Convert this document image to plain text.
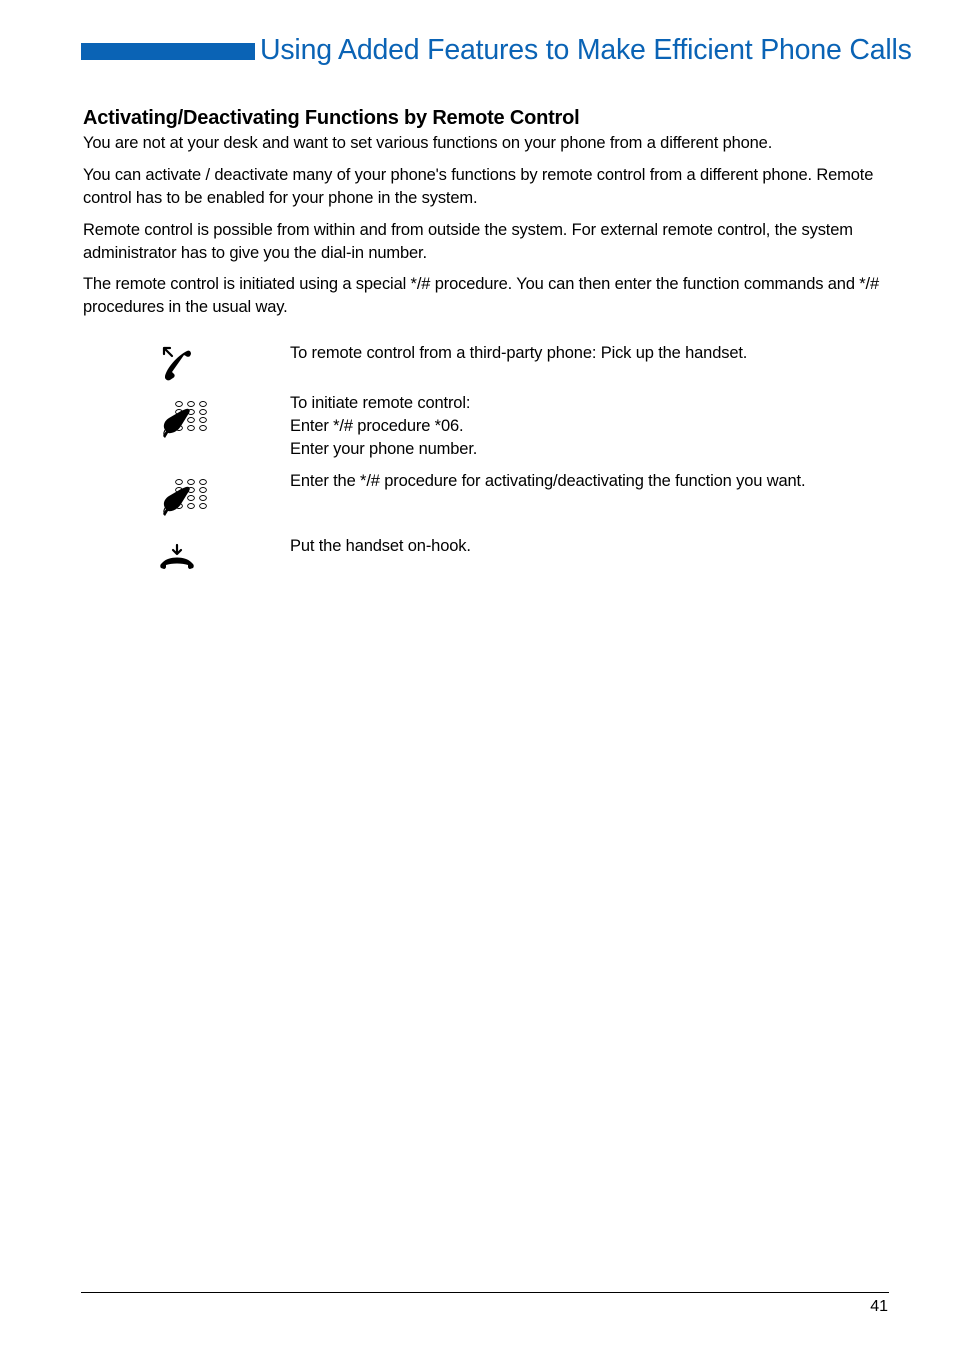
Using Added Features to Make Efficient Phone Calls
Activating/Deactivating Functions by Remote Control
You are not at your desk and want to set various functions on your phone from a different phone.
You can activate / deactivate many of your phone's functions by remote control from a different phone. Remote control has to be enabled for your phone in the system.
Remote control is possible from within and from outside the system. For external remote control, the system administrator has to give you the dial-in number.
The remote control is initiated using a special */# procedure. You can then enter the function commands and */# procedures in the usual way.
To remote control from a third-party phone: Pick up the handset.
To initiate remote control:
Enter */# procedure *06.
Enter your phone number.
Enter the */# procedure for activating/deactivating the function you want.
Put the handset on-hook.
41
